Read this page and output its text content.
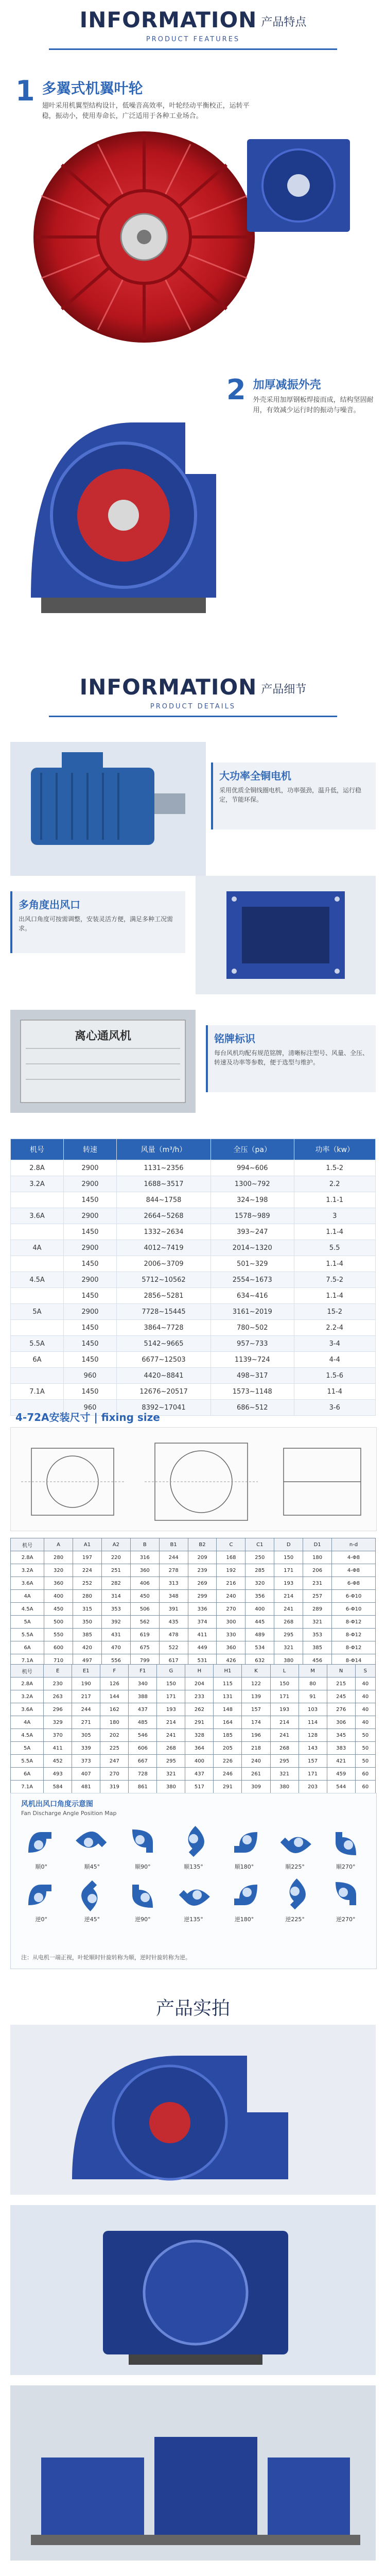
INFORMATION 产品特点
PRODUCT FEATURES
1 多翼式机翼叶轮
翅叶采用机翼型结构设计，低噪音高效率，叶轮经动平衡校正，运转平稳，振动小，使用寿命长，广泛适用于各种工业场合。
2 加厚减振外壳
外壳采用加厚钢板焊接而成，结构坚固耐用，有效减少运行时的振动与噪音。
INFORMATION 产品细节
PRODUCT DETAILS
大功率全铜电机
采用优质全铜线圈电机，功率强劲，温升低，运行稳定，节能环保。
多角度出风口
出风口角度可按需调整，安装灵活方便，满足多种工况需求。
离心通风机	铭牌标识
每台风机均配有规范铭牌，清晰标注型号、风量、全压、转速及功率等参数，便于选型与维护。
机号	转速	风量（m³/h）	全压（pa）	功率（kw）
2.8A	2900	1131~2356	994~606	1.5-2
3.2A	2900	1688~3517	1300~792	2.2
	1450	844~1758	324~198	1.1-1
3.6A	2900	2664~5268	1578~989	3
	1450	1332~2634	393~247	1.1-4
4A	2900	4012~7419	2014~1320	5.5
	1450	2006~3709	501~329	1.1-4
4.5A	2900	5712~10562	2554~1673	7.5-2
	1450	2856~5281	634~416	1.1-4
5A	2900	7728~15445	3161~2019	15-2
	1450	3864~7728	780~502	2.2-4
5.5A	1450	5142~9665	957~733	3-4
6A	1450	6677~12503	1139~724	4-4
	960	4420~8841	498~317	1.5-6
7.1A	1450	12676~20517	1573~1148	11-4
	960	8392~17041	686~512	3-6
4-72A安装尺寸 | fixing size
机号	A	A1	A2	B	B1	B2	C	C1	D	D1	n-d
2.8A	280	197	220	316	244	209	168	250	150	180	4-Φ8
3.2A	320	224	251	360	278	239	192	285	171	206	4-Φ8
3.6A	360	252	282	406	313	269	216	320	193	231	6-Φ8
4A	400	280	314	450	348	299	240	356	214	257	6-Φ10
4.5A	450	315	353	506	391	336	270	400	241	289	6-Φ10
5A	500	350	392	562	435	374	300	445	268	321	8-Φ12
5.5A	550	385	431	619	478	411	330	489	295	353	8-Φ12
6A	600	420	470	675	522	449	360	534	321	385	8-Φ12
7.1A	710	497	556	799	617	531	426	632	380	456	8-Φ14
机号	E	E1	F	F1	G	H	H1	K	L	M	N	S
2.8A	230	190	126	340	150	204	115	122	150	80	215	40
3.2A	263	217	144	388	171	233	131	139	171	91	245	40
3.6A	296	244	162	437	193	262	148	157	193	103	276	40
4A	329	271	180	485	214	291	164	174	214	114	306	40
4.5A	370	305	202	546	241	328	185	196	241	128	345	50
5A	411	339	225	606	268	364	205	218	268	143	383	50
5.5A	452	373	247	667	295	400	226	240	295	157	421	50
6A	493	407	270	728	321	437	246	261	321	171	459	60
7.1A	584	481	319	861	380	517	291	309	380	203	544	60
风机出风口角度示意图
Fan Discharge Angle Position Map
顺0°	顺45°	顺90°	顺135°	顺180°	顺225°	顺270°
逆0°	逆45°	逆90°	逆135°	逆180°	逆225°	逆270°
注：从电机一端正视，叶轮顺时针旋转称为顺，逆时针旋转称为逆。
产品实拍
